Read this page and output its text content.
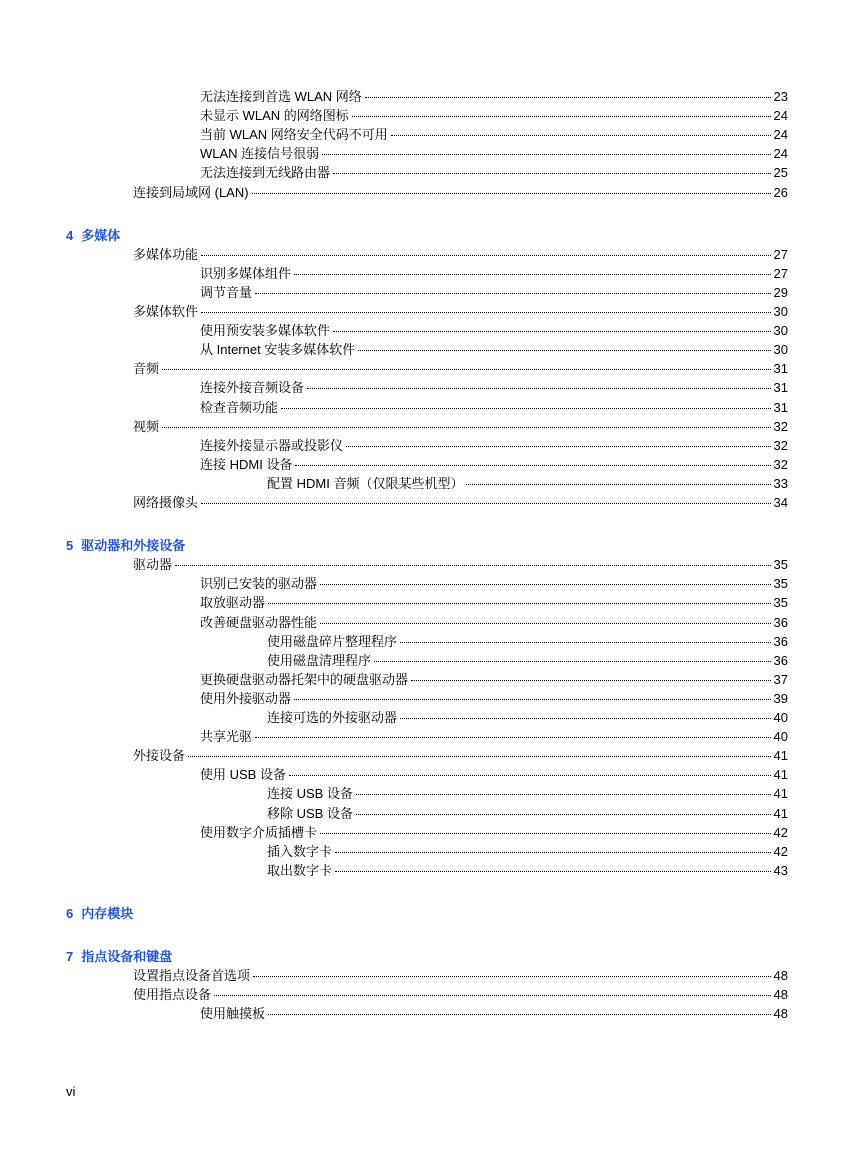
无法连接到首选 WLAN 网络	23
未显示 WLAN 的网络图标	24
当前 WLAN 网络安全代码不可用	24
WLAN 连接信号很弱	24
无法连接到无线路由器	25
连接到局域网 (LAN)	26
4 多媒体
多媒体功能	27
识别多媒体组件	27
调节音量	29
多媒体软件	30
使用预安装多媒体软件	30
从 Internet 安装多媒体软件	30
音频	31
连接外接音频设备	31
检查音频功能	31
视频	32
连接外接显示器或投影仪	32
连接 HDMI 设备	32
配置 HDMI 音频（仅限某些机型）	33
网络摄像头	34
5 驱动器和外接设备
驱动器	35
识别已安装的驱动器	35
取放驱动器	35
改善硬盘驱动器性能	36
使用磁盘碎片整理程序	36
使用磁盘清理程序	36
更换硬盘驱动器托架中的硬盘驱动器	37
使用外接驱动器	39
连接可选的外接驱动器	40
共享光驱	40
外接设备	41
使用 USB 设备	41
连接 USB 设备	41
移除 USB 设备	41
使用数字介质插槽卡	42
插入数字卡	42
取出数字卡	43
6 内存模块
7 指点设备和键盘
设置指点设备首选项	48
使用指点设备	48
使用触摸板	48
vi
